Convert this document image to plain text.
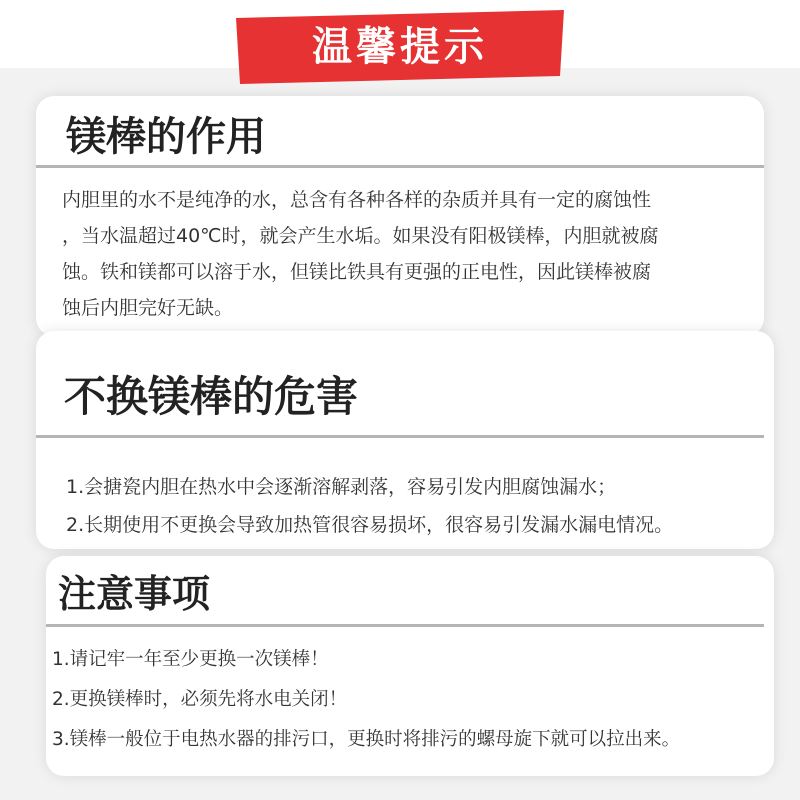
温馨提示
镁棒的作用

内胆里的水不是纯净的水，总含有各种各样的杂质并具有一定的腐蚀性

，当水温超过40℃时，就会产生水垢。如果没有阳极镁棒，内胆就被腐

蚀。铁和镁都可以溶于水，但镁比铁具有更强的正电性，因此镁棒被腐

蚀后内胆完好无缺。

不换镁棒的危害

1.会搪瓷内胆在热水中会逐渐溶解剥落，容易引发内胆腐蚀漏水；

2.长期使用不更换会导致加热管很容易损坏，很容易引发漏水漏电情况。

注意事项

1.请记牢一年至少更换一次镁棒！

2.更换镁棒时，必须先将水电关闭！

3.镁棒一般位于电热水器的排污口，更换时将排污的螺母旋下就可以拉出来。
